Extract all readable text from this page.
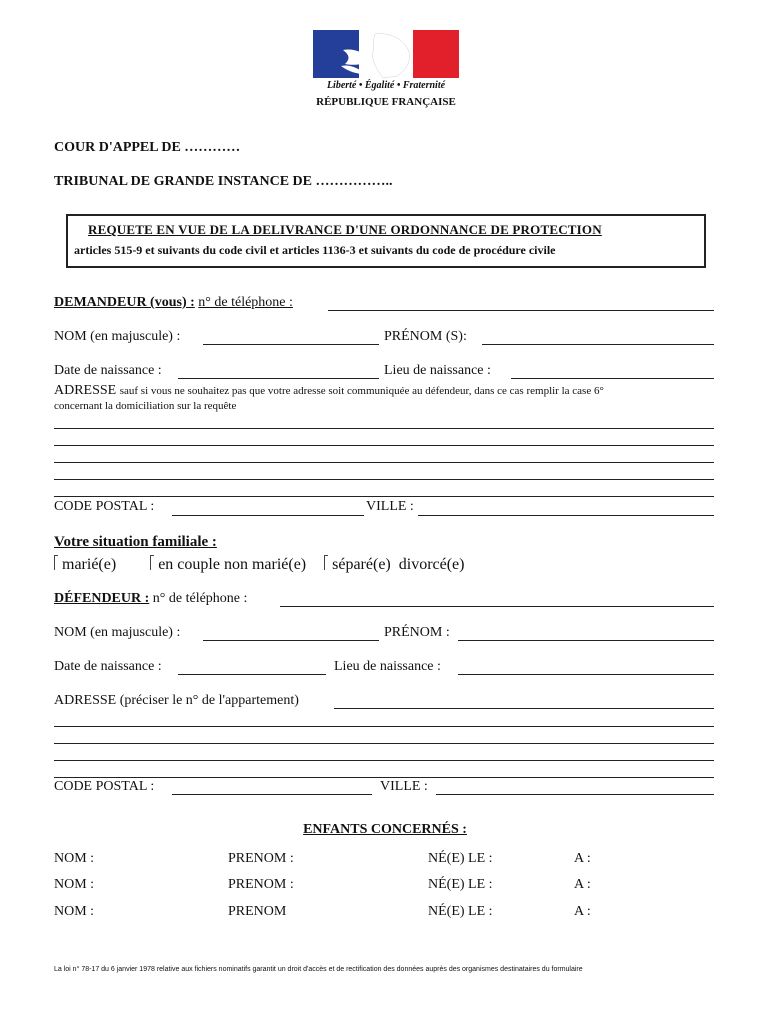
Liberté • Égalité • Fraternité
RÉPUBLIQUE FRANÇAISE
COUR D'APPEL DE …………
TRIBUNAL DE GRANDE INSTANCE DE ……………..
REQUETE EN VUE DE LA DELIVRANCE D'UNE ORDONNANCE DE PROTECTION
articles 515-9 et suivants du code civil et articles 1136-3 et suivants du code de procédure civile
DEMANDEUR (vous) : n° de téléphone :
NOM (en majuscule) :	PRÉNOM (S):
Date de naissance :	Lieu de naissance :
ADRESSE sauf si vous ne souhaitez pas que votre adresse soit communiquée au défendeur, dans ce cas remplir la case 6°
concernant la domiciliation sur la requête
CODE POSTAL :	VILLE :
Votre situation familiale :
marié(e)	en couple non marié(e) séparé(e) divorcé(e)
DÉFENDEUR : n° de téléphone :
NOM (en majuscule) :	PRÉNOM :
Date de naissance :	Lieu de naissance :
ADRESSE (préciser le n° de l'appartement)
CODE POSTAL :	VILLE :
ENFANTS CONCERNÉS :
NOM :	PRENOM :	NÉ(E) LE :	A :
NOM :	PRENOM :	NÉ(E) LE :	A :
NOM :	PRENOM	NÉ(E) LE :	A :
La loi n° 78-17 du 6 janvier 1978 relative aux fichiers nominatifs garantit un droit d'accès et de rectification des données auprès des organismes destinataires du formulaire
